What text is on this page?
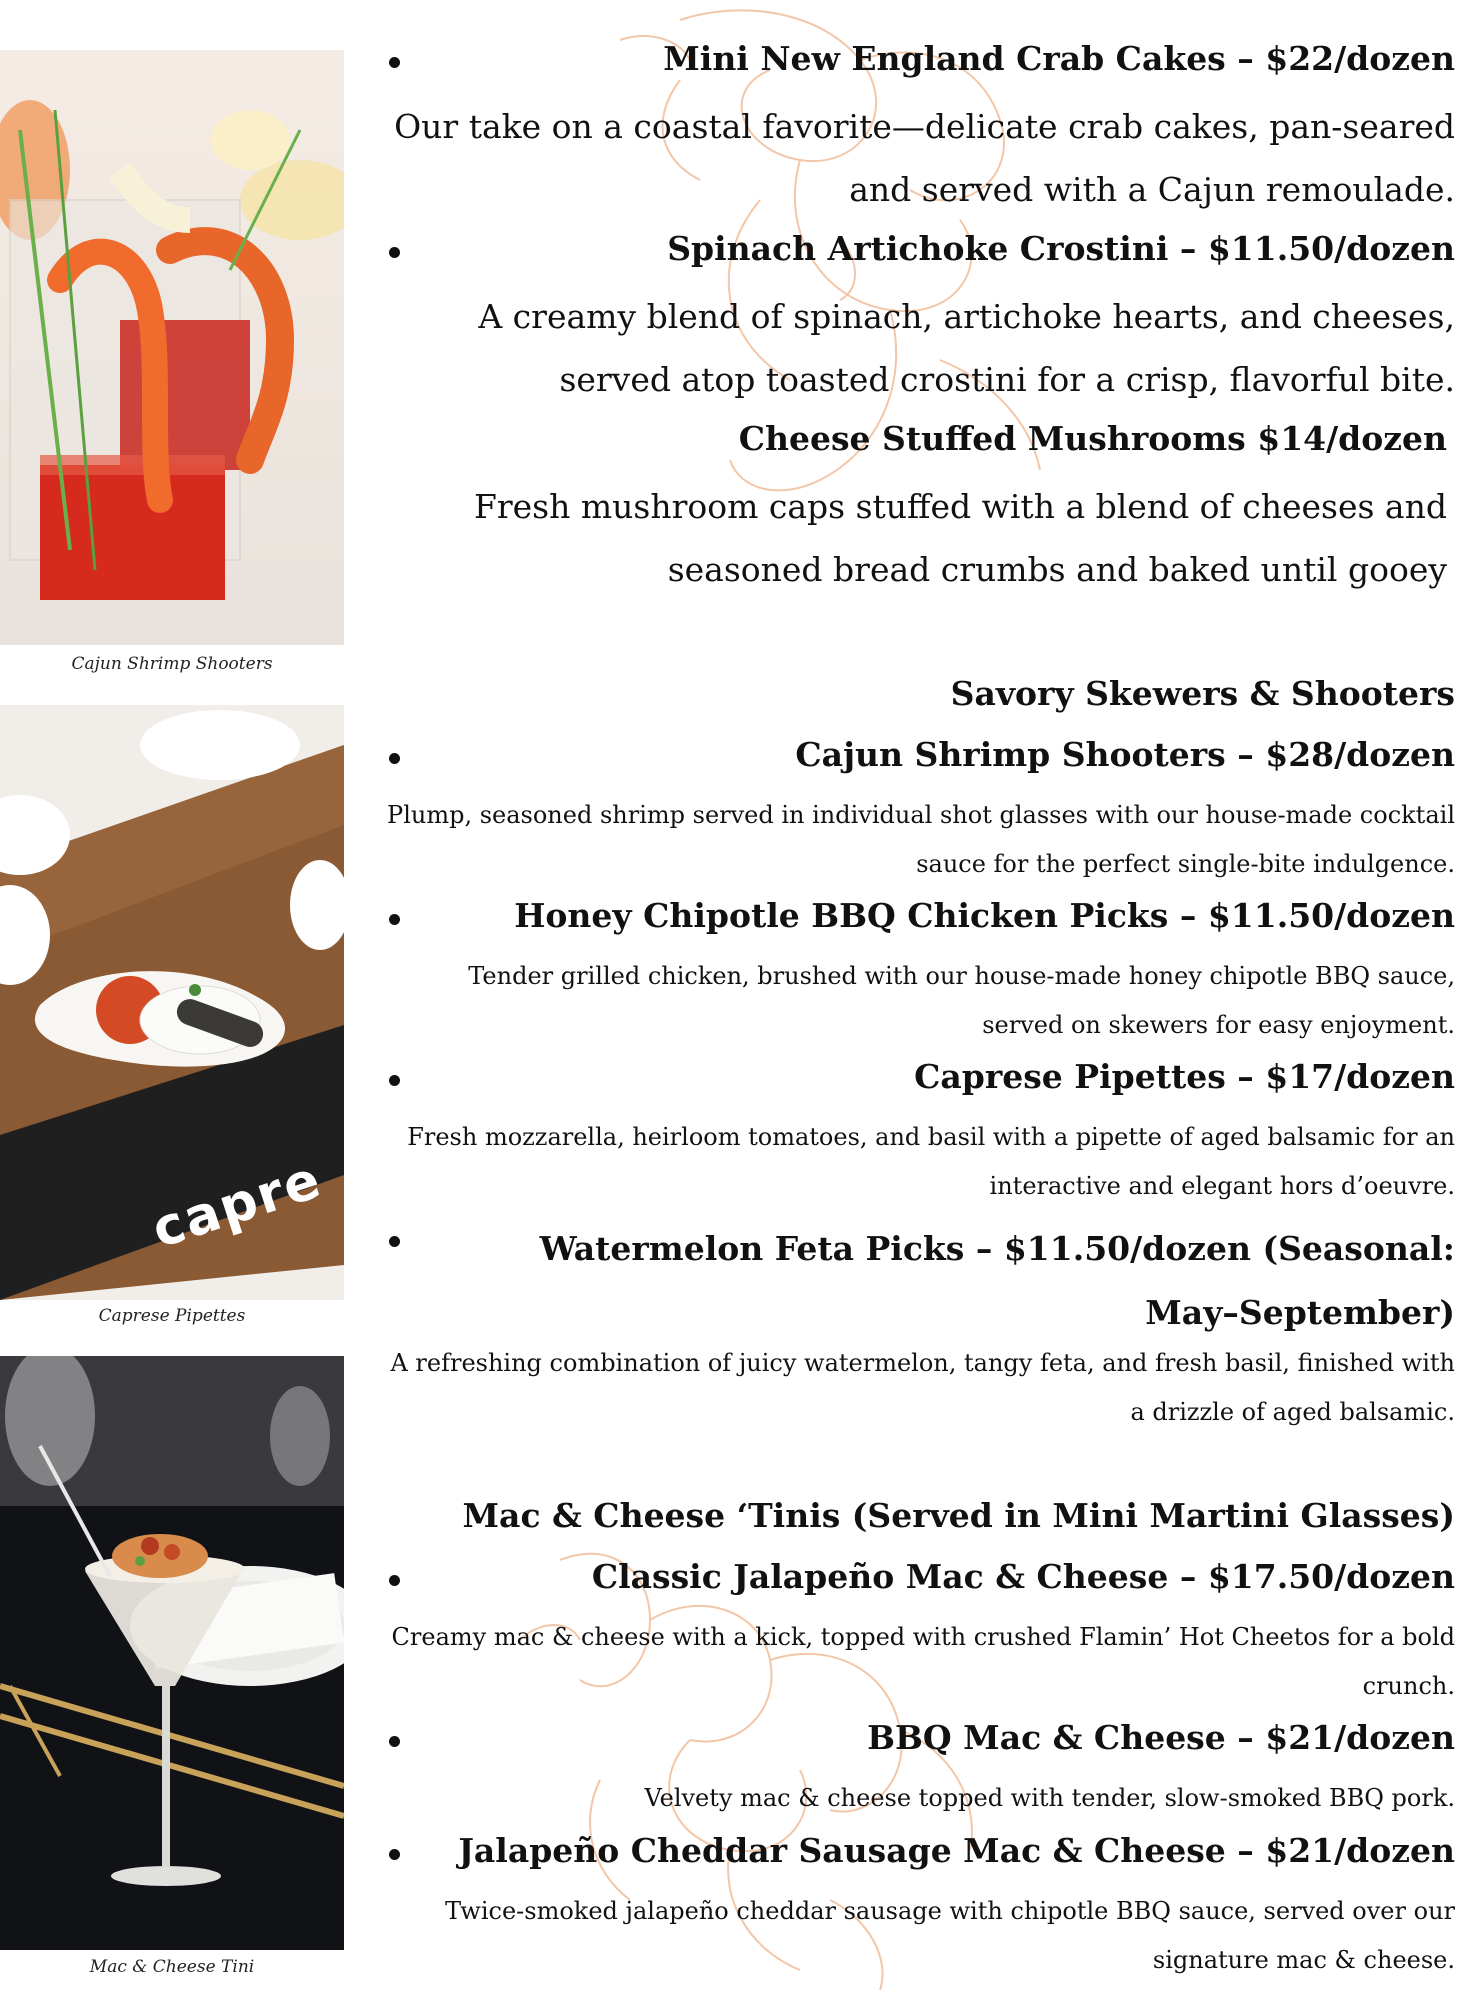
Cajun Shrimp Shooters
capre
Caprese Pipettes
Mac & Cheese Tini
Mini New England Crab Cakes – $22/dozen
Our take on a coastal favorite—delicate crab cakes, pan-seared and served with a Cajun remoulade.
Spinach Artichoke Crostini – $11.50/dozen
A creamy blend of spinach, artichoke hearts, and cheeses, served atop toasted crostini for a crisp, flavorful bite.
Cheese Stuffed Mushrooms $14/dozen
Fresh mushroom caps stuffed with a blend of cheeses and seasoned bread crumbs and baked until gooey
Savory Skewers & Shooters
Cajun Shrimp Shooters – $28/dozen
Plump, seasoned shrimp served in individual shot glasses with our house-made cocktail sauce for the perfect single-bite indulgence.
Honey Chipotle BBQ Chicken Picks – $11.50/dozen
Tender grilled chicken, brushed with our house-made honey chipotle BBQ sauce, served on skewers for easy enjoyment.
Caprese Pipettes – $17/dozen
Fresh mozzarella, heirloom tomatoes, and basil with a pipette of aged balsamic for an interactive and elegant hors d’oeuvre.
Watermelon Feta Picks – $11.50/dozen (Seasonal: May–September)
A refreshing combination of juicy watermelon, tangy feta, and fresh basil, finished with a drizzle of aged balsamic.
Mac & Cheese ‘Tinis (Served in Mini Martini Glasses)
Classic Jalapeño Mac & Cheese – $17.50/dozen
Creamy mac & cheese with a kick, topped with crushed Flamin’ Hot Cheetos for a bold crunch.
BBQ Mac & Cheese – $21/dozen
Velvety mac & cheese topped with tender, slow-smoked BBQ pork.
Jalapeño Cheddar Sausage Mac & Cheese – $21/dozen
Twice-smoked jalapeño cheddar sausage with chipotle BBQ sauce, served over our signature mac & cheese.
